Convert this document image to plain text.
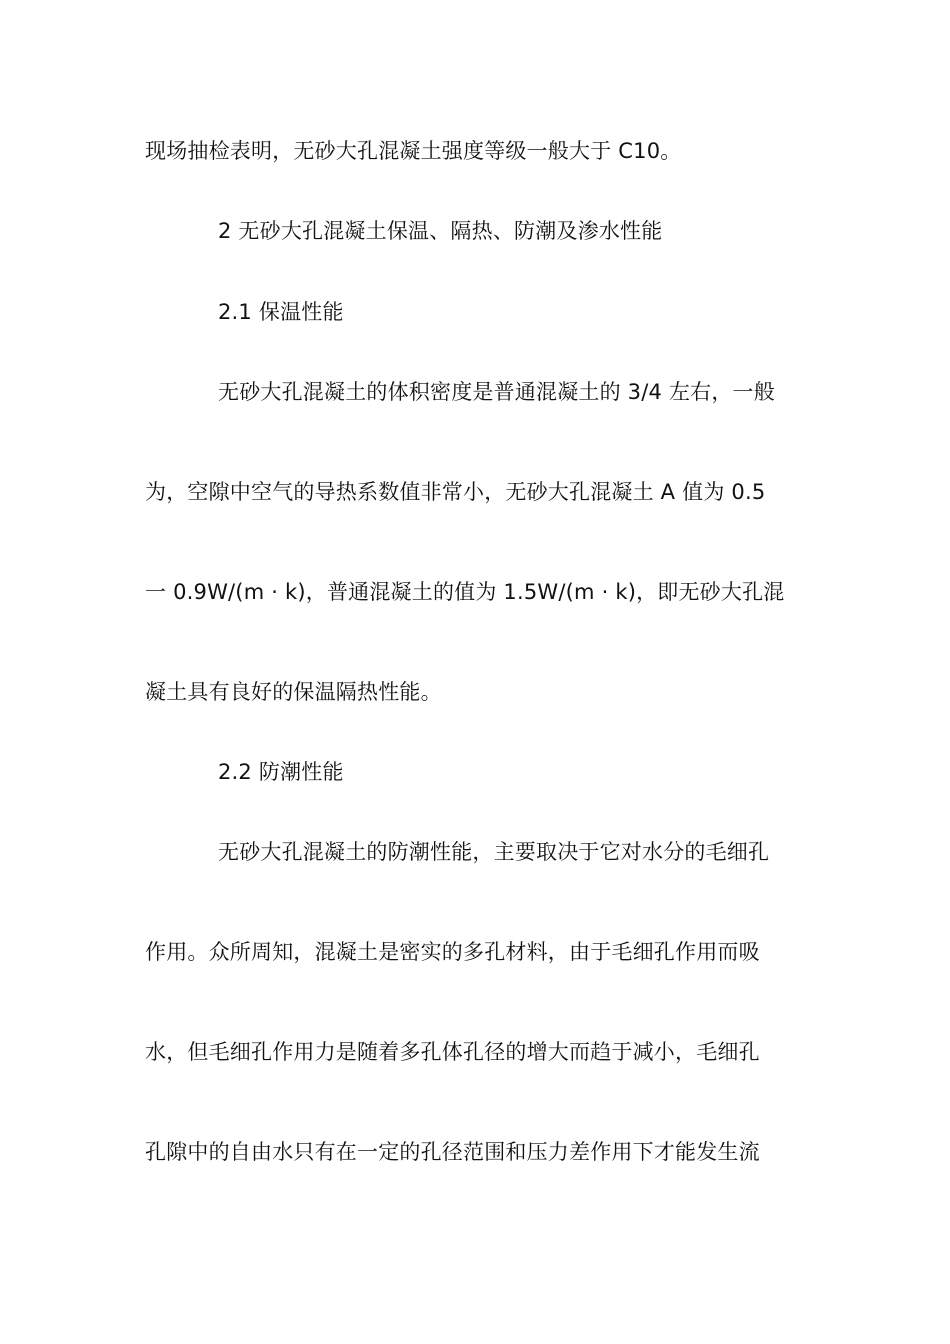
现场抽检表明，无砂大孔混凝土强度等级一般大于 C10。
2 无砂大孔混凝土保温、隔热、防潮及渗水性能
2.1 保温性能
无砂大孔混凝土的体积密度是普通混凝土的 3/4 左右，一般
为，空隙中空气的导热系数值非常小，无砂大孔混凝土 A 值为 0.5
一 0.9W/(m · k)，普通混凝土的值为 1.5W/(m · k)，即无砂大孔混
凝土具有良好的保温隔热性能。
2.2 防潮性能
无砂大孔混凝土的防潮性能，主要取决于它对水分的毛细孔
作用。众所周知，混凝土是密实的多孔材料，由于毛细孔作用而吸
水，但毛细孔作用力是随着多孔体孔径的增大而趋于减小，毛细孔
孔隙中的自由水只有在一定的孔径范围和压力差作用下才能发生流
